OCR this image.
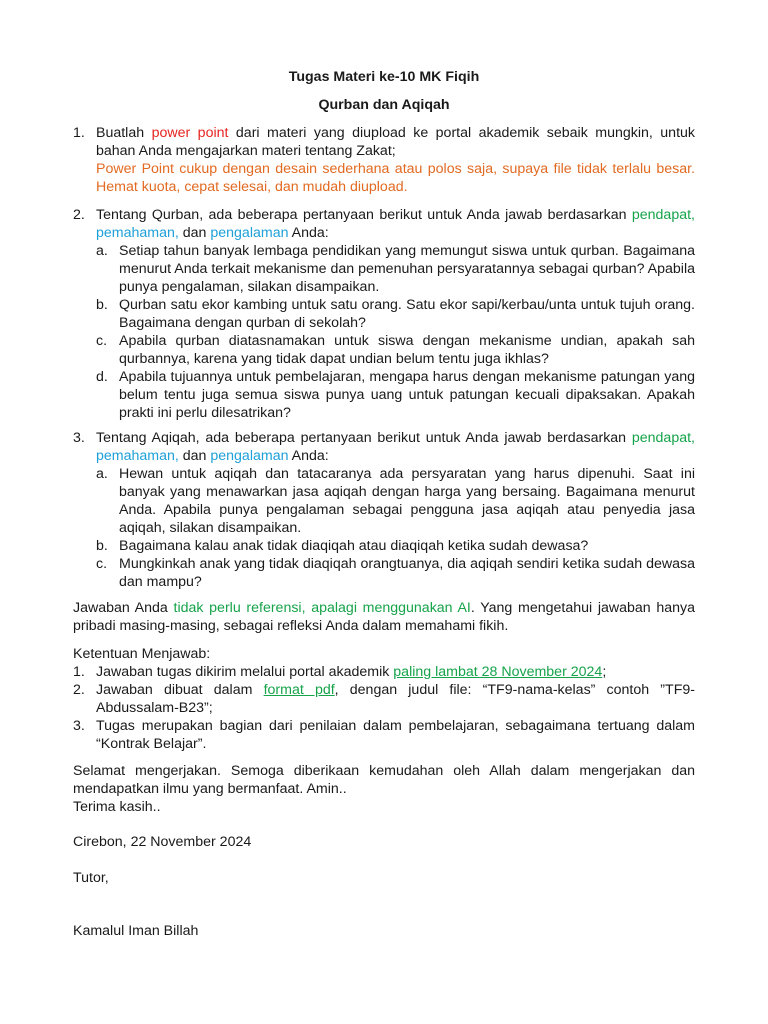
Tugas Materi ke-10 MK Fiqih
Qurban dan Aqiqah
1. Buatlah power point dari materi yang diupload ke portal akademik sebaik mungkin, untuk bahan Anda mengajarkan materi tentang Zakat;

Power Point cukup dengan desain sederhana atau polos saja, supaya file tidak terlalu besar. Hemat kuota, cepat selesai, dan mudah diupload.

2. Tentang Qurban, ada beberapa pertanyaan berikut untuk Anda jawab berdasarkan pendapat, pemahaman, dan pengalaman Anda:

a. Setiap tahun banyak lembaga pendidikan yang memungut siswa untuk qurban. Bagaimana menurut Anda terkait mekanisme dan pemenuhan persyaratannya sebagai qurban? Apabila punya pengalaman, silakan disampaikan.

b. Qurban satu ekor kambing untuk satu orang. Satu ekor sapi/kerbau/unta untuk tujuh orang. Bagaimana dengan qurban di sekolah?

c. Apabila qurban diatasnamakan untuk siswa dengan mekanisme undian, apakah sah qurbannya, karena yang tidak dapat undian belum tentu juga ikhlas?

d. Apabila tujuannya untuk pembelajaran, mengapa harus dengan mekanisme patungan yang belum tentu juga semua siswa punya uang untuk patungan kecuali dipaksakan. Apakah prakti ini perlu dilesatrikan?

3. Tentang Aqiqah, ada beberapa pertanyaan berikut untuk Anda jawab berdasarkan pendapat, pemahaman, dan pengalaman Anda:

a. Hewan untuk aqiqah dan tatacaranya ada persyaratan yang harus dipenuhi. Saat ini banyak yang menawarkan jasa aqiqah dengan harga yang bersaing. Bagaimana menurut Anda. Apabila punya pengalaman sebagai pengguna jasa aqiqah atau penyedia jasa aqiqah, silakan disampaikan.

b. Bagaimana kalau anak tidak diaqiqah atau diaqiqah ketika sudah dewasa?

c. Mungkinkah anak yang tidak diaqiqah orangtuanya, dia aqiqah sendiri ketika sudah dewasa dan mampu?

Jawaban Anda tidak perlu referensi, apalagi menggunakan AI. Yang mengetahui jawaban hanya pribadi masing-masing, sebagai refleksi Anda dalam memahami fikih.

Ketentuan Menjawab:

1. Jawaban tugas dikirim melalui portal akademik paling lambat 28 November 2024;

2. Jawaban dibuat dalam format pdf, dengan judul file: “TF9-nama-kelas” contoh ”TF9-Abdussalam-B23”;

3. Tugas merupakan bagian dari penilaian dalam pembelajaran, sebagaimana tertuang dalam “Kontrak Belajar”.

Selamat mengerjakan. Semoga diberikaan kemudahan oleh Allah dalam mengerjakan dan mendapatkan ilmu yang bermanfaat. Amin..

Terima kasih..

Cirebon, 22 November 2024
Tutor,
Kamalul Iman Billah
